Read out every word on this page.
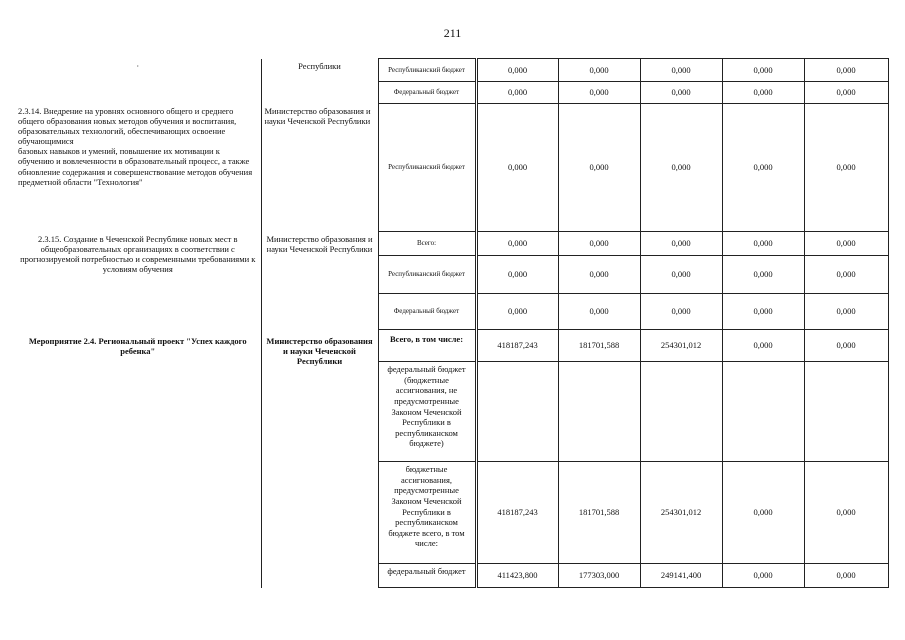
211
·	Республики	Республиканский бюджет	0,000	0,000	0,000	0,000	0,000
		Федеральный бюджет	0,000	0,000	0,000	0,000	0,000
2.3.14. Внедрение на уровнях основного общего и среднего общего образования новых методов обучения и воспитания, образовательных технологий, обеспечивающих освоение обучающимися
базовых навыков и умений, повышение их мотивации к обучению и вовлеченности в образовательный процесс, а также обновление содержания и совершенствование методов обучения
предметной области "Технология"	Министерство образования и науки Чеченской Республики	Республиканский бюджет	0,000	0,000	0,000	0,000	0,000
2.3.15. Создание в Чеченской Республике новых мест в общеобразовательных организациях в соответствии с прогнозируемой потребностью и современными требованиями к условиям обучения	Министерство образования и науки Чеченской Республики	Всего:	0,000	0,000	0,000	0,000	0,000
		Республиканский бюджет	0,000	0,000	0,000	0,000	0,000
		Федеральный бюджет	0,000	0,000	0,000	0,000	0,000
Мероприятие 2.4. Региональный проект "Успех каждого ребенка"	Министерство образования и науки Чеченской Республики	Всего, в том числе:	418187,243	181701,588	254301,012	0,000	0,000
		федеральный бюджет (бюджетные ассигнования, не предусмотренные Законом Чеченской Республики в республиканском бюджете)					
		бюджетные ассигнования, предусмотренные Законом Чеченской Республики в республиканском бюджете всего, в том числе:	418187,243	181701,588	254301,012	0,000	0,000
		федеральный бюджет	411423,800	177303,000	249141,400	0,000	0,000
